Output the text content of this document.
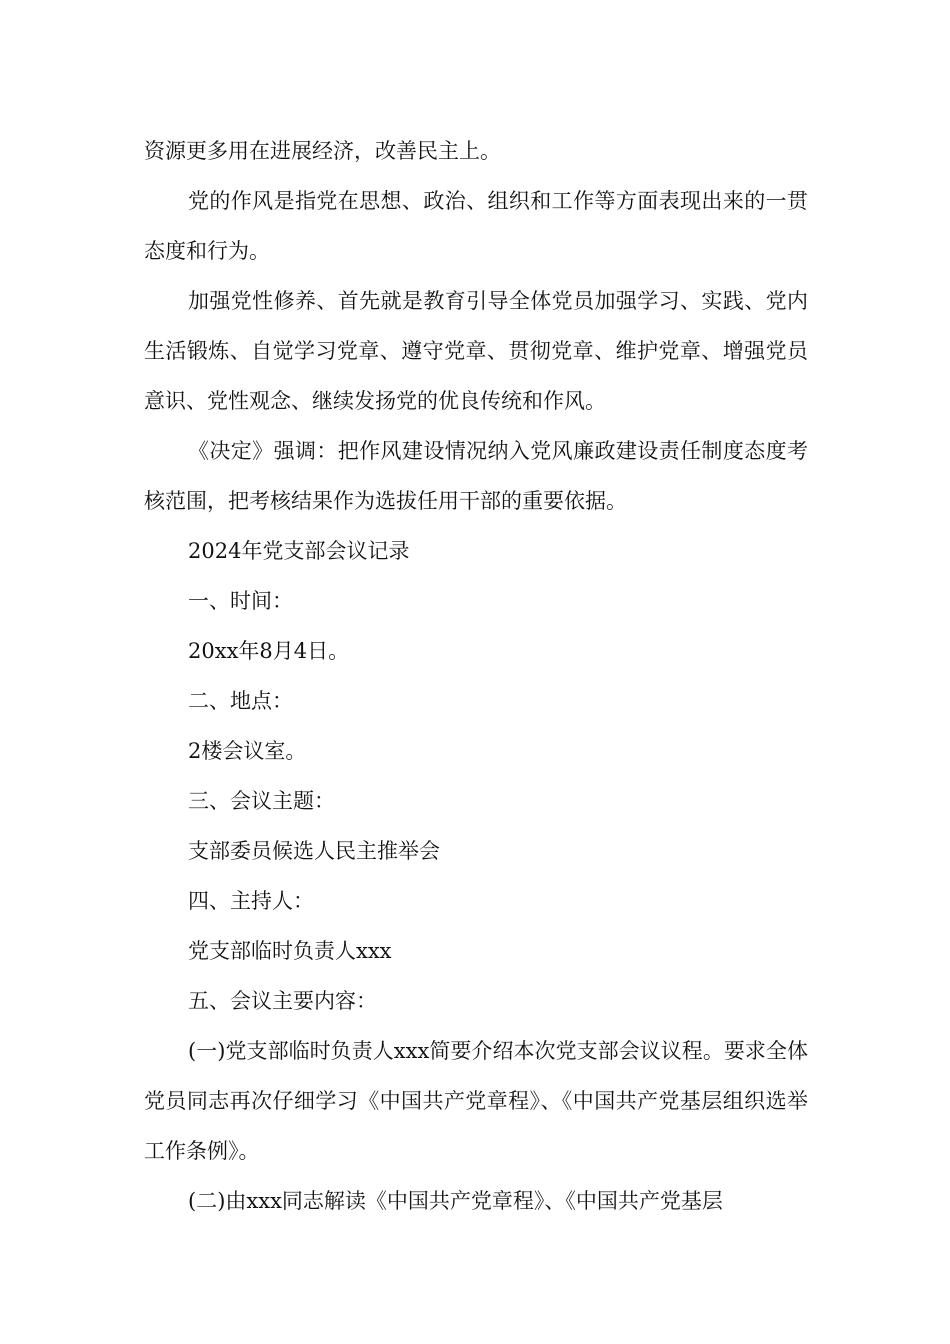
资源更多用在进展经济，改善民主上。

党的作风是指党在思想、政治、组织和工作等方面表现出来的一贯态度和行为。

加强党性修养、首先就是教育引导全体党员加强学习、实践、党内生活锻炼、自觉学习党章、遵守党章、贯彻党章、维护党章、增强党员意识、党性观念、继续发扬党的优良传统和作风。

《决定》强调：把作风建设情况纳入党风廉政建设责任制度态度考核范围，把考核结果作为选拔任用干部的重要依据。

2024年党支部会议记录

一、时间：

20xx年8月4日。

二、地点：

2楼会议室。

三、会议主题：

支部委员候选人民主推举会

四、主持人：

党支部临时负责人xxx

五、会议主要内容：

(一)党支部临时负责人xxx简要介绍本次党支部会议议程。要求全体党员同志再次仔细学习《中国共产党章程》、《中国共产党基层组织选举工作条例》。

(二)由xxx同志解读《中国共产党章程》、《中国共产党基层
